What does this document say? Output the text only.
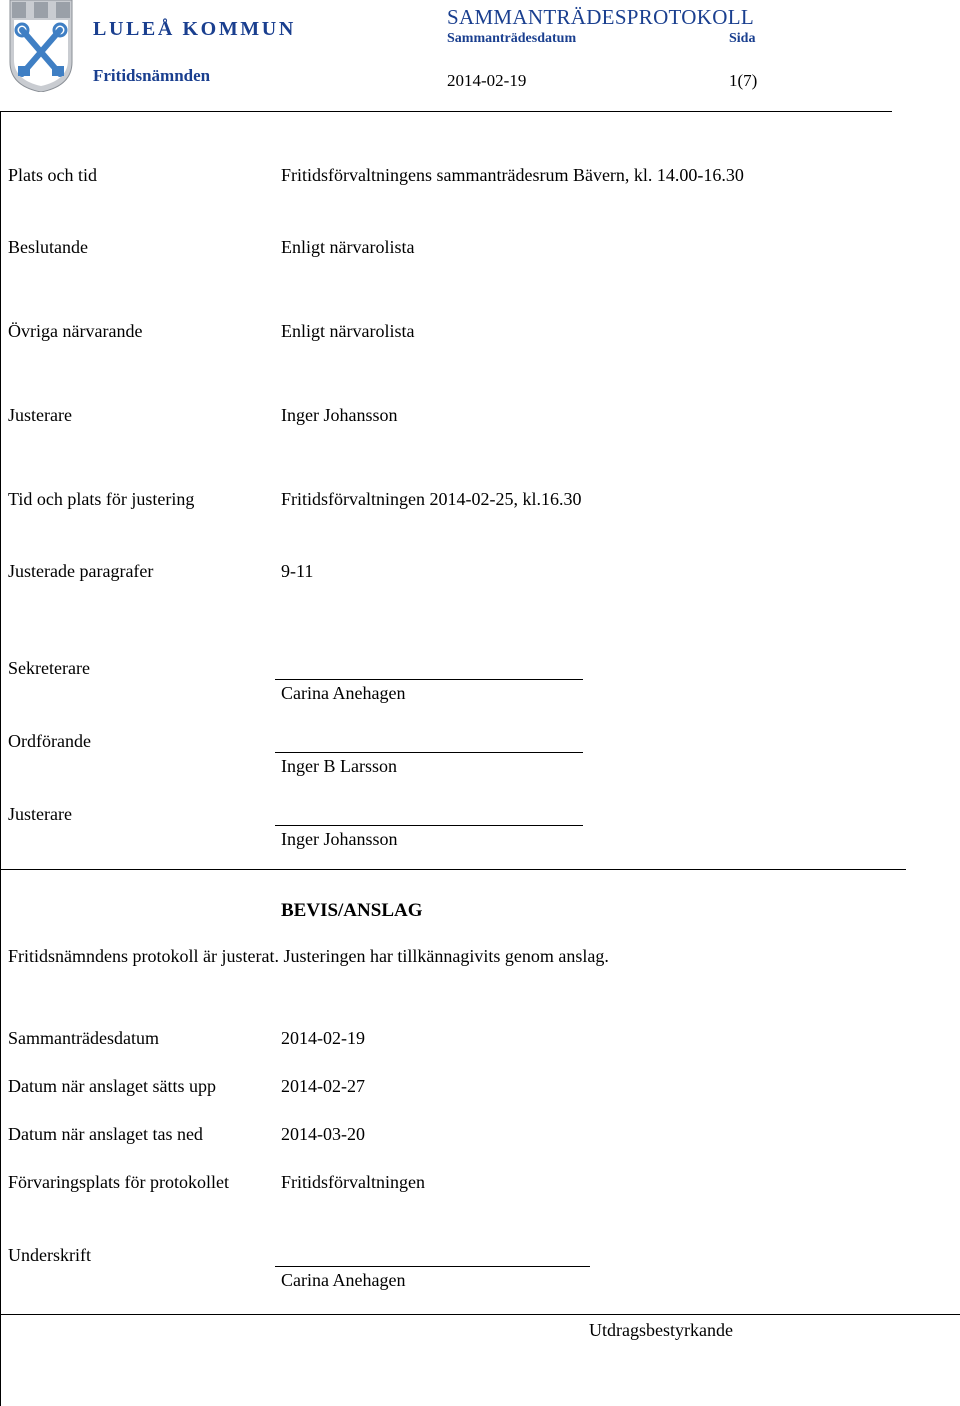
LULEÅ KOMMUN
Fritidsnämnden
SAMMANTRÄDESPROTOKOLL
Sammanträdesdatum	Sida
2014-02-19	1(7)
Plats och tid	Fritidsförvaltningens sammanträdesrum Bävern, kl. 14.00-16.30
Beslutande	Enligt närvarolista
Övriga närvarande	Enligt närvarolista
Justerare	Inger Johansson
Tid och plats för justering	Fritidsförvaltningen 2014-02-25, kl.16.30
Justerade paragrafer	9-11
Sekreterare
Carina Anehagen
Ordförande
Inger B Larsson
Justerare
Inger Johansson
BEVIS/ANSLAG
Fritidsnämndens protokoll är justerat. Justeringen har tillkännagivits genom anslag.
Sammanträdesdatum	2014-02-19
Datum när anslaget sätts upp	2014-02-27
Datum när anslaget tas ned	2014-03-20
Förvaringsplats för protokollet	Fritidsförvaltningen
Underskrift
Carina Anehagen
Utdragsbestyrkande
